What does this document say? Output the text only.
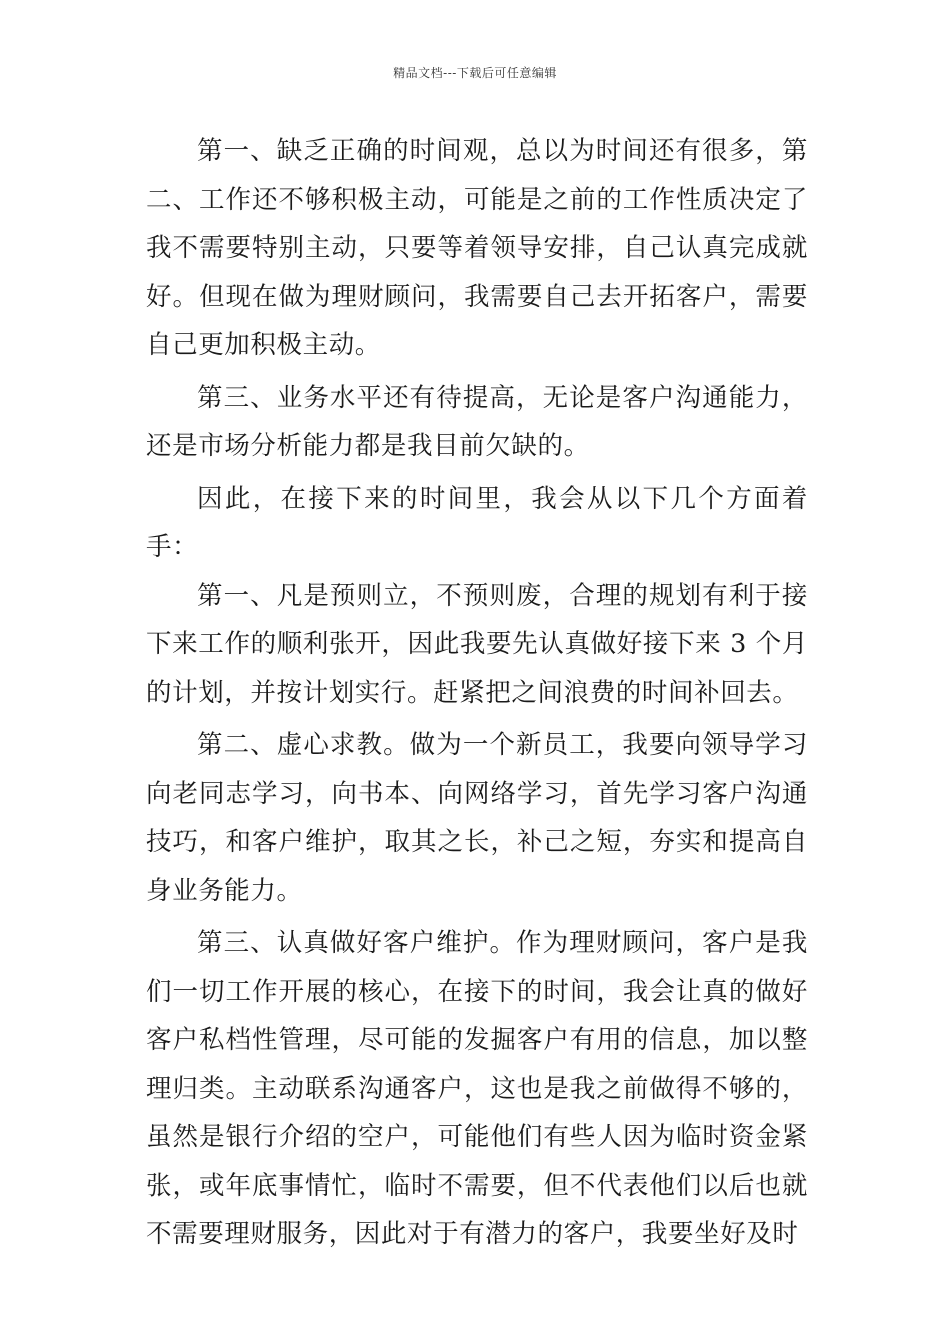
精品文档---下载后可任意编辑

第一、缺乏正确的时间观，总以为时间还有很多，第二、工作还不够积极主动，可能是之前的工作性质决定了我不需要特别主动，只要等着领导安排，自己认真完成就好。但现在做为理财顾问，我需要自己去开拓客户，需要自己更加积极主动。

第三、业务水平还有待提高，无论是客户沟通能力，还是市场分析能力都是我目前欠缺的。

因此，在接下来的时间里，我会从以下几个方面着手：

第一、凡是预则立，不预则废，合理的规划有利于接下来工作的顺利张开，因此我要先认真做好接下来 3 个月的计划，并按计划实行。赶紧把之间浪费的时间补回去。

第二、虚心求教。做为一个新员工，我要向领导学习向老同志学习，向书本、向网络学习，首先学习客户沟通技巧，和客户维护，取其之长，补己之短，夯实和提高自身业务能力。

第三、认真做好客户维护。作为理财顾问，客户是我们一切工作开展的核心，在接下的时间，我会让真的做好客户私档性管理，尽可能的发掘客户有用的信息，加以整理归类。主动联系沟通客户，这也是我之前做得不够的，虽然是银行介绍的空户，可能他们有些人因为临时资金紧张，或年底事情忙，临时不需要，但不代表他们以后也就不需要理财服务，因此对于有潜力的客户，我要坐好及时
